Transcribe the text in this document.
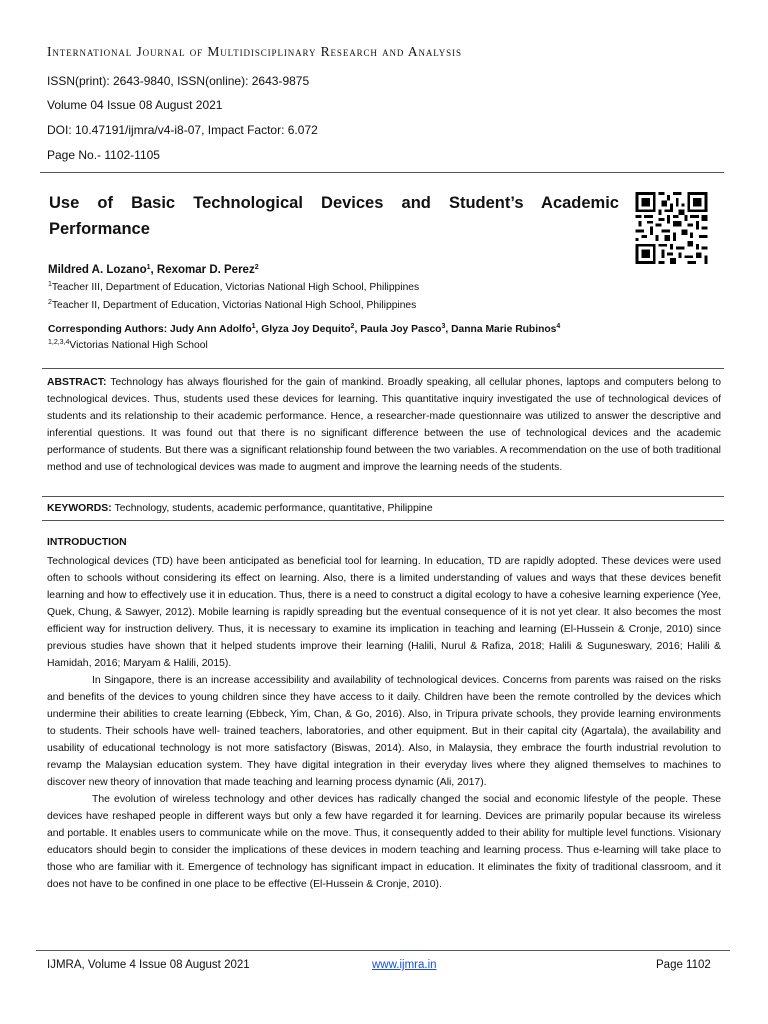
International Journal of Multidisciplinary Research and Analysis
ISSN(print): 2643-9840, ISSN(online): 2643-9875
Volume 04 Issue 08 August 2021
DOI: 10.47191/ijmra/v4-i8-07, Impact Factor: 6.072
Page No.- 1102-1105
Use of Basic Technological Devices and Student’s Academic Performance
Mildred A. Lozano$^1$, Rexomar D. Perez$^2$
$^1$Teacher III, Department of Education, Victorias National High School, Philippines
$^2$Teacher II, Department of Education, Victorias National High School, Philippines
Corresponding Authors: Judy Ann Adolfo$^1$, Glyza Joy Dequito$^2$, Paula Joy Pasco$^3$, Danna Marie Rubinos$^4$
$^{1,2,3,4}$Victorias National High School
ABSTRACT: Technology has always flourished for the gain of mankind. Broadly speaking, all cellular phones, laptops and computers belong to technological devices. Thus, students used these devices for learning. This quantitative inquiry investigated the use of technological devices of students and its relationship to their academic performance. Hence, a researcher-made questionnaire was utilized to answer the descriptive and inferential questions. It was found out that there is no significant difference between the use of technological devices and the academic performance of students. But there was a significant relationship found between the two variables. A recommendation on the use of both traditional method and use of technological devices was made to augment and improve the learning needs of the students.
KEYWORDS: Technology, students, academic performance, quantitative, Philippine
INTRODUCTION

Technological devices (TD) have been anticipated as beneficial tool for learning. In education, TD are rapidly adopted. These devices were used often to schools without considering its effect on learning. Also, there is a limited understanding of values and ways that these devices benefit learning and how to effectively use it in education. Thus, there is a need to construct a digital ecology to have a cohesive learning experience (Yee, Quek, Chung, & Sawyer, 2012). Mobile learning is rapidly spreading but the eventual consequence of it is not yet clear. It also becomes the most efficient way for instruction delivery. Thus, it is necessary to examine its implication in teaching and learning (El-Hussein & Cronje, 2010) since previous studies have shown that it helped students improve their learning (Halili, Nurul & Rafiza, 2018; Halili & Suguneswary, 2016; Halili & Hamidah, 2016; Maryam & Halili, 2015).

In Singapore, there is an increase accessibility and availability of technological devices. Concerns from parents was raised on the risks and benefits of the devices to young children since they have access to it daily. Children have been the remote controlled by the devices which undermine their abilities to create learning (Ebbeck, Yim, Chan, & Go, 2016). Also, in Tripura private schools, they provide learning environments to students. Their schools have well- trained teachers, laboratories, and other equipment. But in their capital city (Agartala), the availability and usability of educational technology is not more satisfactory (Biswas, 2014). Also, in Malaysia, they embrace the fourth industrial revolution to revamp the Malaysian education system. They have digital integration in their everyday lives where they aligned themselves to machines to discover new theory of innovation that made teaching and learning process dynamic (Ali, 2017).

The evolution of wireless technology and other devices has radically changed the social and economic lifestyle of the people. These devices have reshaped people in different ways but only a few have regarded it for learning. Devices are primarily popular because its wireless and portable. It enables users to communicate while on the move. Thus, it consequently added to their ability for multiple level functions. Visionary educators should begin to consider the implications of these devices in modern teaching and learning process. Thus e-learning will take place to those who are familiar with it. Emergence of technology has significant impact in education. It eliminates the fixity of traditional classroom, and it does not have to be confined in one place to be effective (El-Hussein & Cronje, 2010).

IJMRA, Volume 4 Issue 08 August 2021	www.ijmra.in	Page 1102
